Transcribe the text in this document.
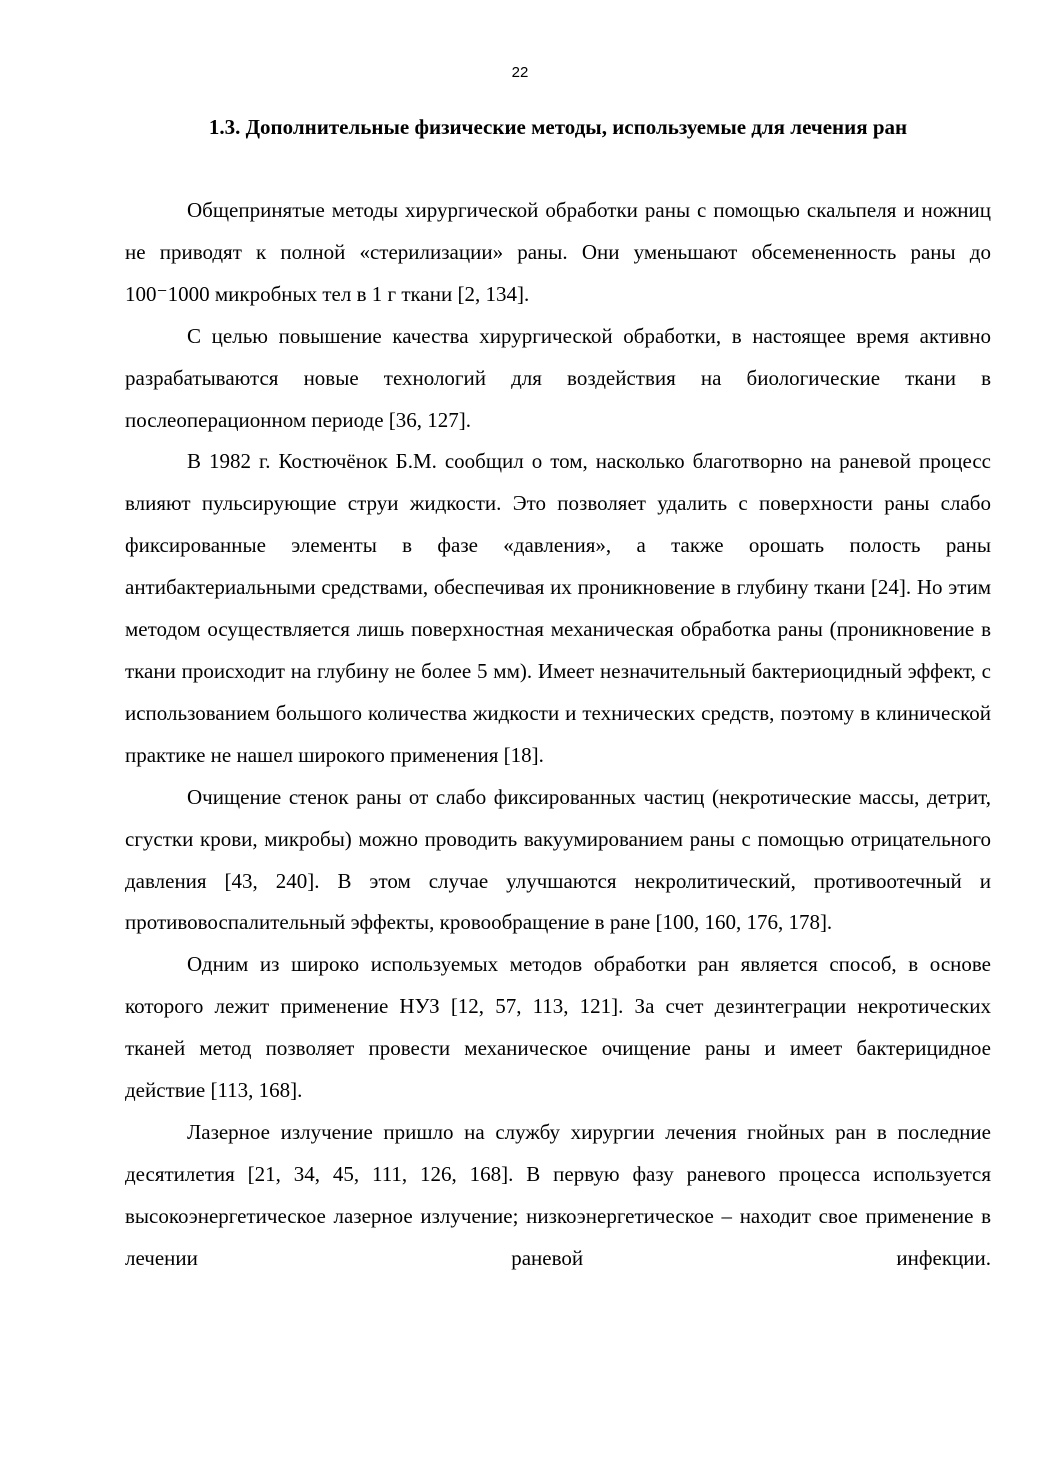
22
1.3. Дополнительные физические методы, используемые для лечения ран

Общепринятые методы хирургической обработки раны с помощью скальпеля и ножниц не приводят к полной «стерилизации» раны. Они уменьшают обсемененность раны до 100⁻1000 микробных тел в 1 г ткани [2, 134].

С целью повышение качества хирургической обработки, в настоящее время активно разрабатываются новые технологий для воздействия на биологические ткани в послеоперационном периоде [36, 127].

В 1982 г. Костючёнок Б.М. сообщил о том, насколько благотворно на раневой процесс влияют пульсирующие струи жидкости. Это позволяет удалить с поверхности раны слабо фиксированные элементы в фазе «давления», а также орошать полость раны антибактериальными средствами, обеспечивая их проникновение в глубину ткани [24]. Но этим методом осуществляется лишь поверхностная механическая обработка раны (проникновение в ткани происходит на глубину не более 5 мм). Имеет незначительный бактериоцидный эффект, с использованием большого количества жидкости и технических средств, поэтому в клинической практике не нашел широкого применения [18].

Очищение стенок раны от слабо фиксированных частиц (некротические массы, детрит, сгустки крови, микробы) можно проводить вакуумированием раны с помощью отрицательного давления [43, 240]. В этом случае улучшаются некролитический, противоотечный и противовоспалительный эффекты, кровообращение в ране [100, 160, 176, 178].

Одним из широко используемых методов обработки ран является способ, в основе которого лежит применение НУЗ [12, 57, 113, 121]. За счет дезинтеграции некротических тканей метод позволяет провести механическое очищение раны и имеет бактерицидное действие [113, 168].

Лазерное излучение пришло на службу хирургии лечения гнойных ран в последние десятилетия [21, 34, 45, 111, 126, 168]. В первую фазу раневого процесса используется высокоэнергетическое лазерное излучение; низкоэнергетическое – находит свое применение в лечении раневой инфекции.
